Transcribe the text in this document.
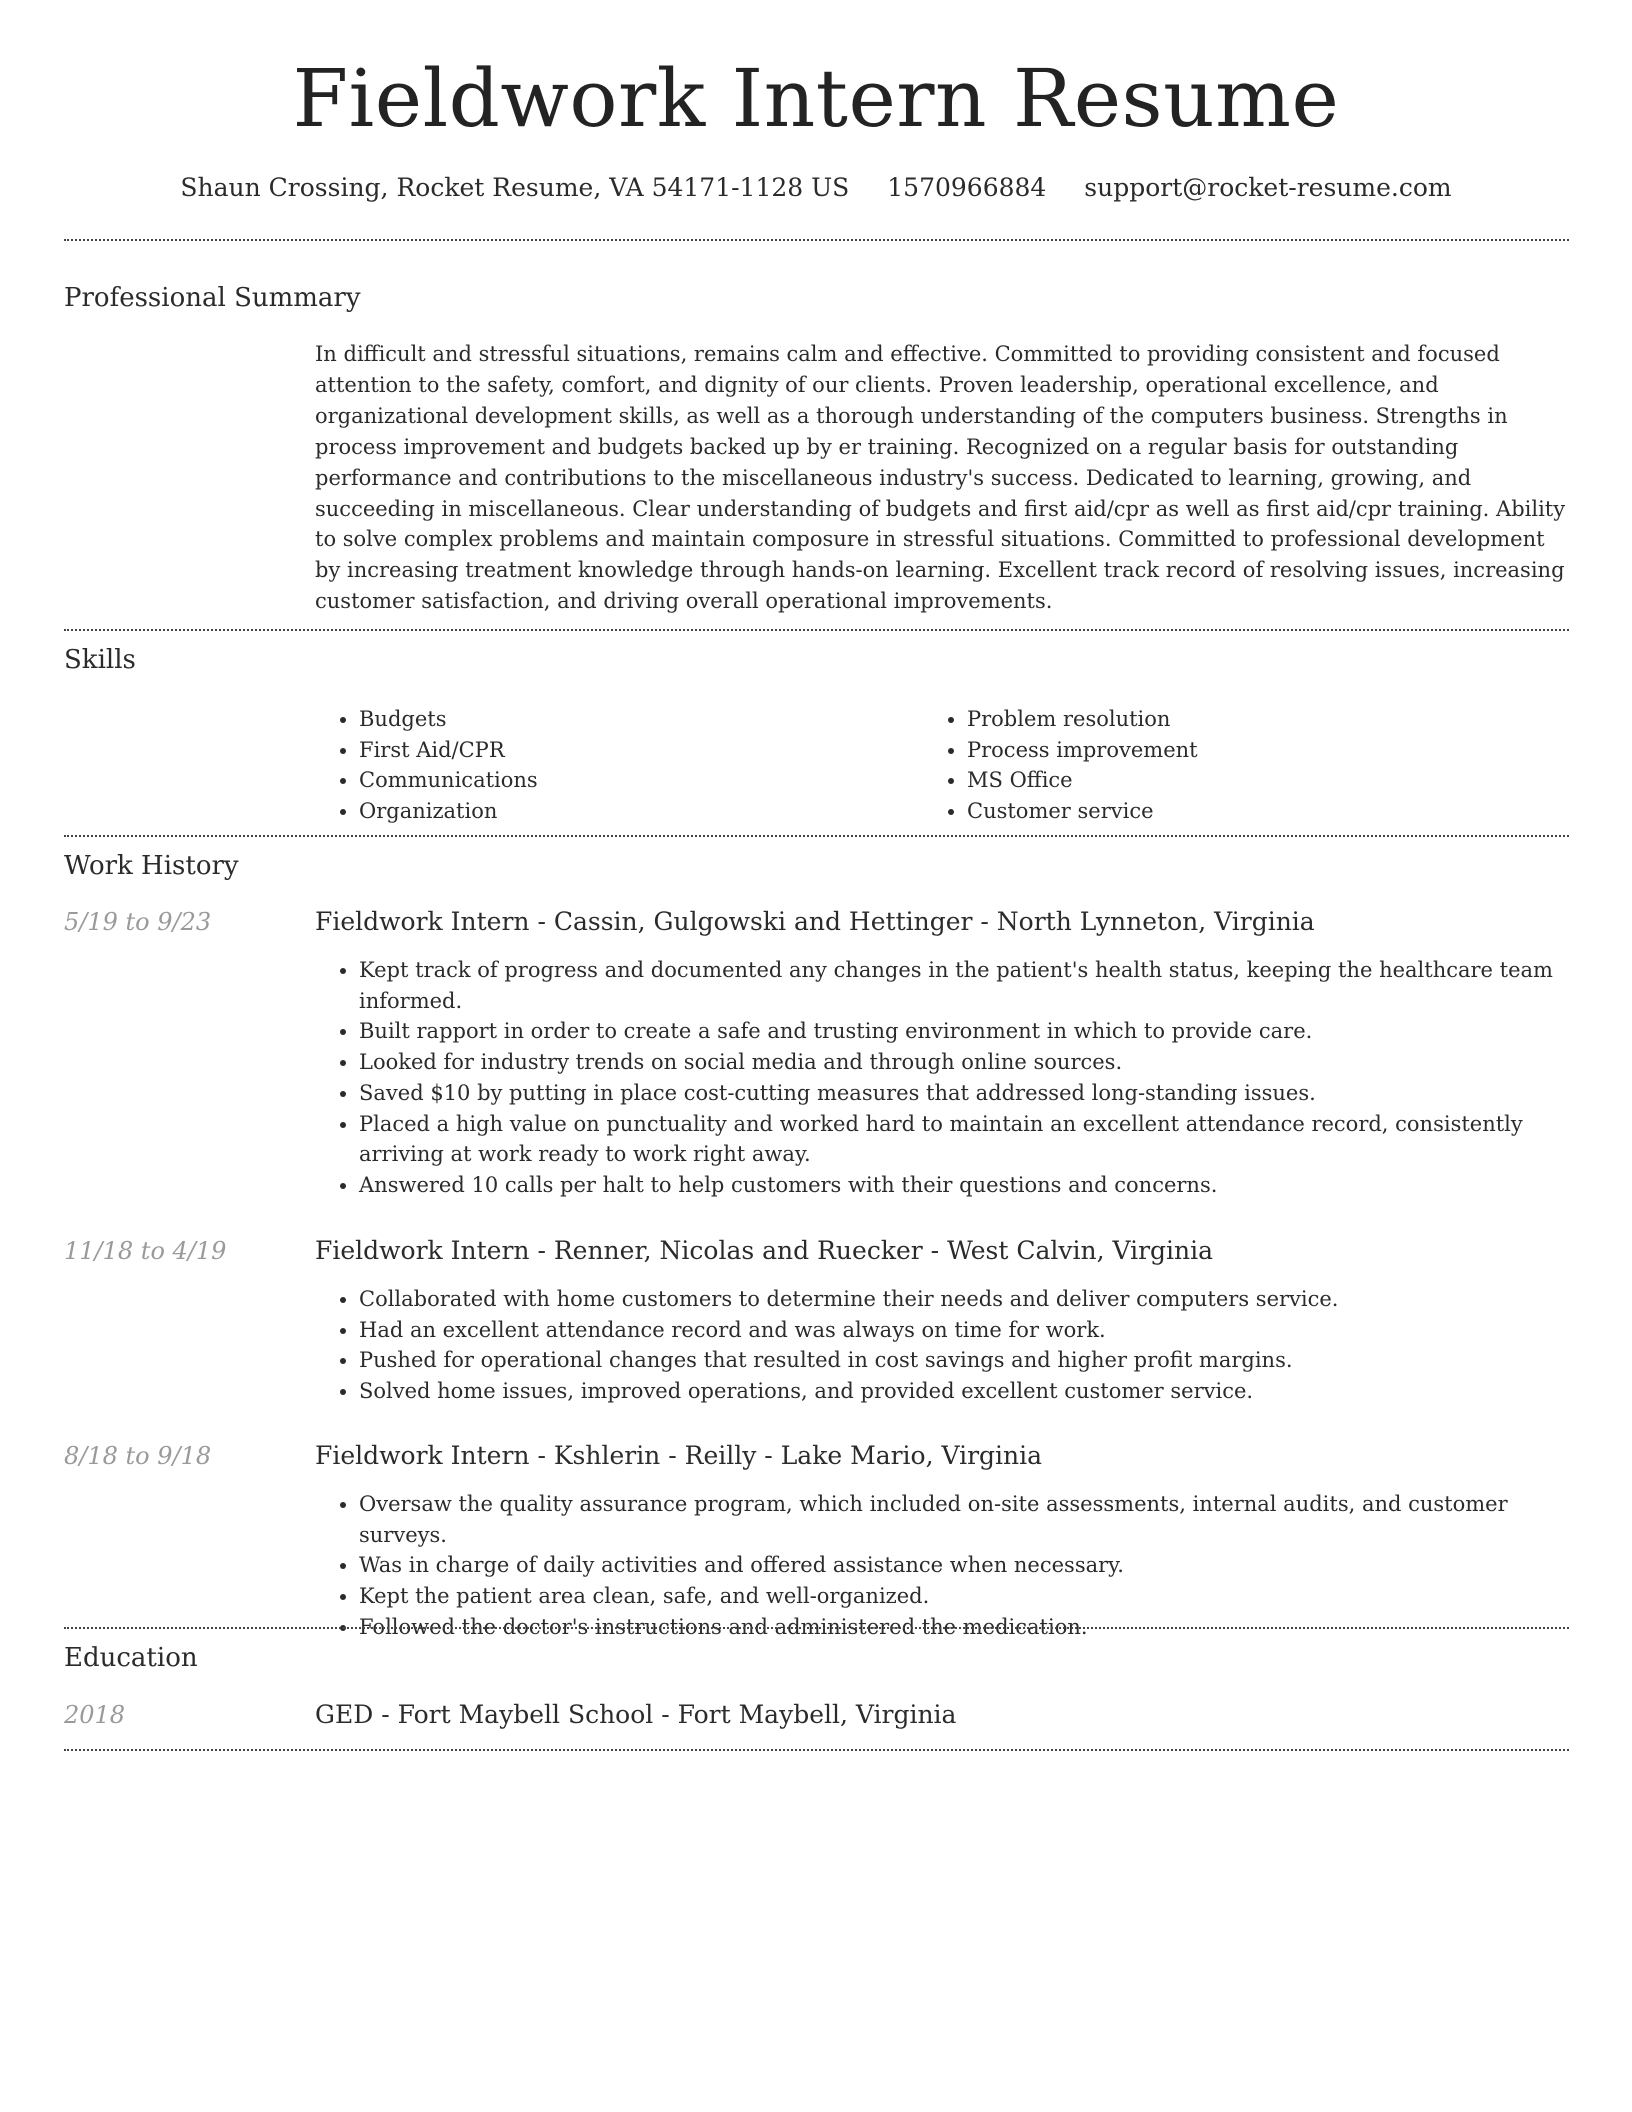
Fieldwork Intern Resume
Shaun Crossing, Rocket Resume, VA 54171-1128 US 1570966884 support@rocket-resume.com
Professional Summary
In difficult and stressful situations, remains calm and effective. Committed to providing consistent and focused attention to the safety, comfort, and dignity of our clients. Proven leadership, operational excellence, and organizational development skills, as well as a thorough understanding of the computers business. Strengths in process improvement and budgets backed up by er training. Recognized on a regular basis for outstanding performance and contributions to the miscellaneous industry's success. Dedicated to learning, growing, and succeeding in miscellaneous. Clear understanding of budgets and first aid/cpr as well as first aid/cpr training. Ability to solve complex problems and maintain composure in stressful situations. Committed to professional development by increasing treatment knowledge through hands-on learning. Excellent track record of resolving issues, increasing customer satisfaction, and driving overall operational improvements.
Skills
• Budgets
• First Aid/CPR
• Communications
• Organization
• Problem resolution
• Process improvement
• MS Office
• Customer service
Work History
5/19 to 9/23	Fieldwork Intern - Cassin, Gulgowski and Hettinger - North Lynneton, Virginia
• Kept track of progress and documented any changes in the patient's health status, keeping the healthcare team informed.
• Built rapport in order to create a safe and trusting environment in which to provide care.
• Looked for industry trends on social media and through online sources.
• Saved $10 by putting in place cost-cutting measures that addressed long-standing issues.
• Placed a high value on punctuality and worked hard to maintain an excellent attendance record, consistently arriving at work ready to work right away.
• Answered 10 calls per halt to help customers with their questions and concerns.
11/18 to 4/19	Fieldwork Intern - Renner, Nicolas and Ruecker - West Calvin, Virginia
• Collaborated with home customers to determine their needs and deliver computers service.
• Had an excellent attendance record and was always on time for work.
• Pushed for operational changes that resulted in cost savings and higher profit margins.
• Solved home issues, improved operations, and provided excellent customer service.
8/18 to 9/18	Fieldwork Intern - Kshlerin - Reilly - Lake Mario, Virginia
• Oversaw the quality assurance program, which included on-site assessments, internal audits, and customer surveys.
• Was in charge of daily activities and offered assistance when necessary.
• Kept the patient area clean, safe, and well-organized.
• Followed the doctor's instructions and administered the medication.
Education
2018	GED - Fort Maybell School - Fort Maybell, Virginia
